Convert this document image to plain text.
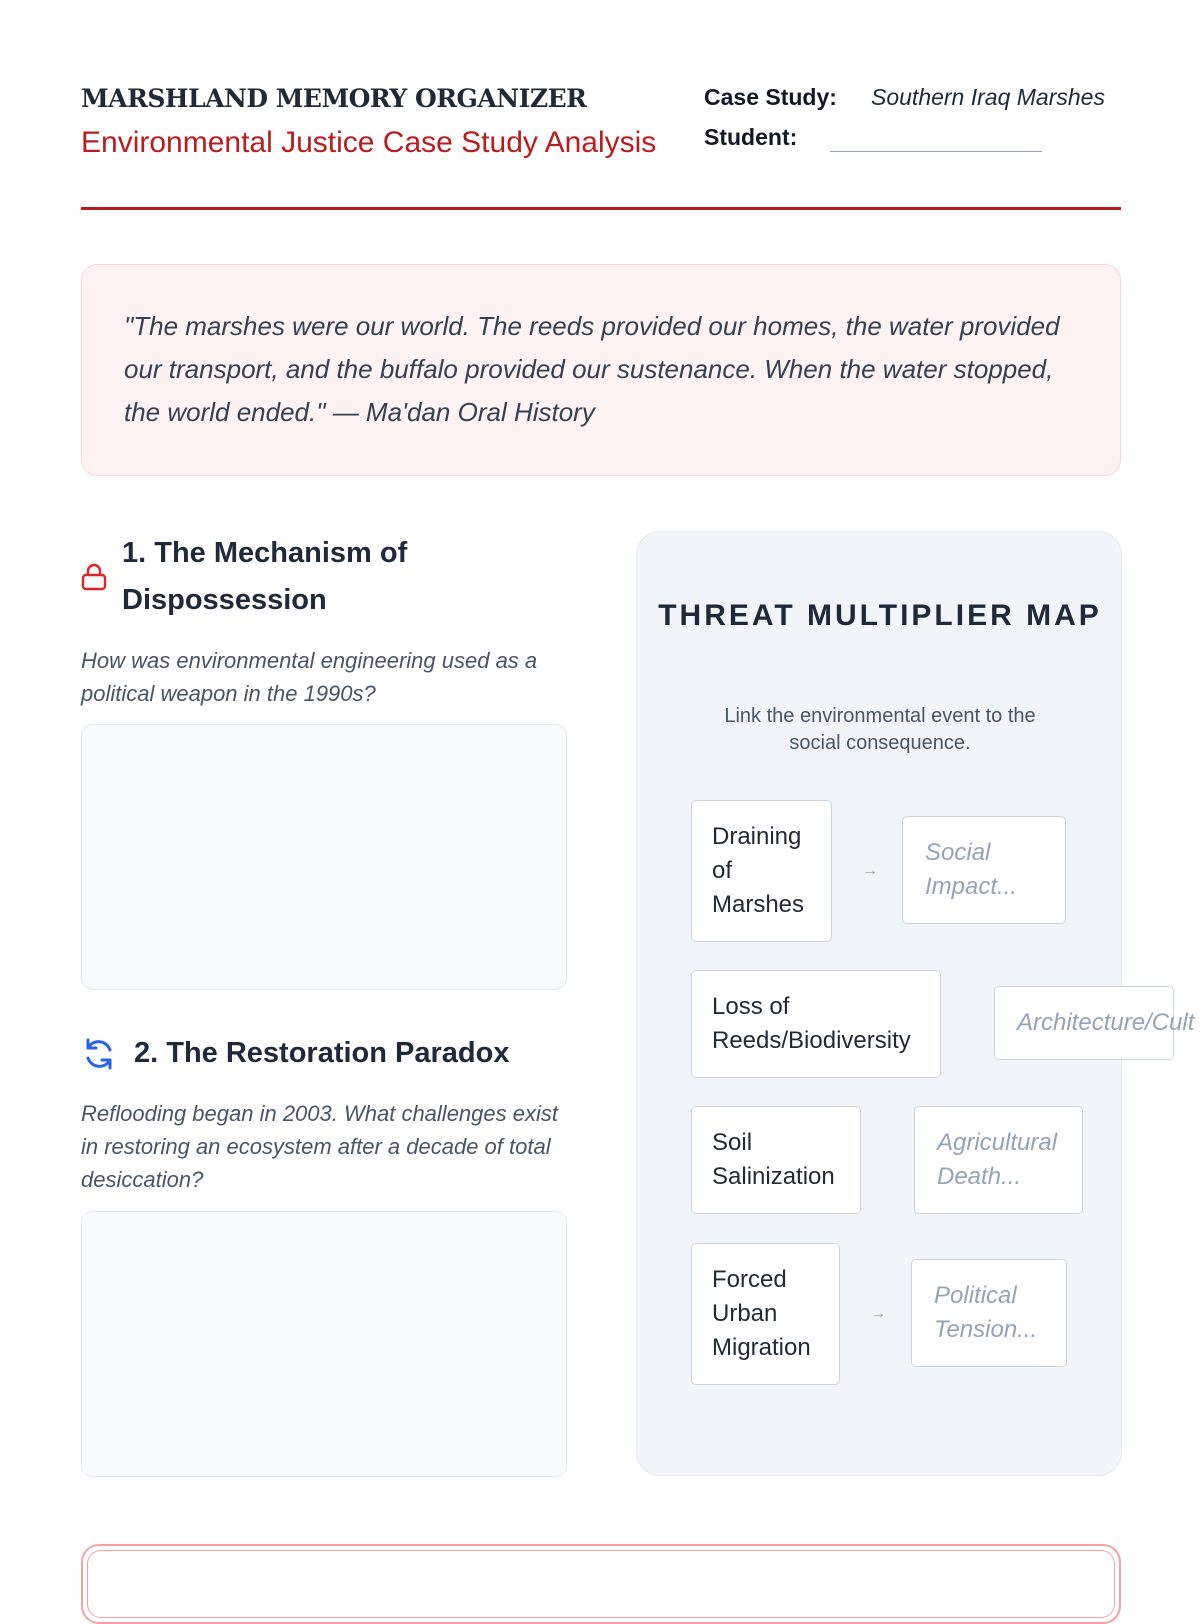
MARSHLAND MEMORY ORGANIZER
Environmental Justice Case Study Analysis
Case Study: Southern Iraq Marshes
Student:

"The marshes were our world. The reeds provided our homes, the water provided our transport, and the buffalo provided our sustenance. When the water stopped, the world ended." — Ma'dan Oral History

1. The Mechanism of Dispossession

How was environmental engineering used as a political weapon in the 1990s?

2. The Restoration Paradox

Reflooding began in 2003. What challenges exist in restoring an ecosystem after a decade of total desiccation?

THREAT MULTIPLIER MAP

Link the environmental event to the social consequence.

Draining of Marshes
→
Social Impact...
Loss of Reeds/Biodiversity
Architecture/Cult
Soil Salinization
Agricultural Death...
Forced Urban Migration
→
Political Tension...
